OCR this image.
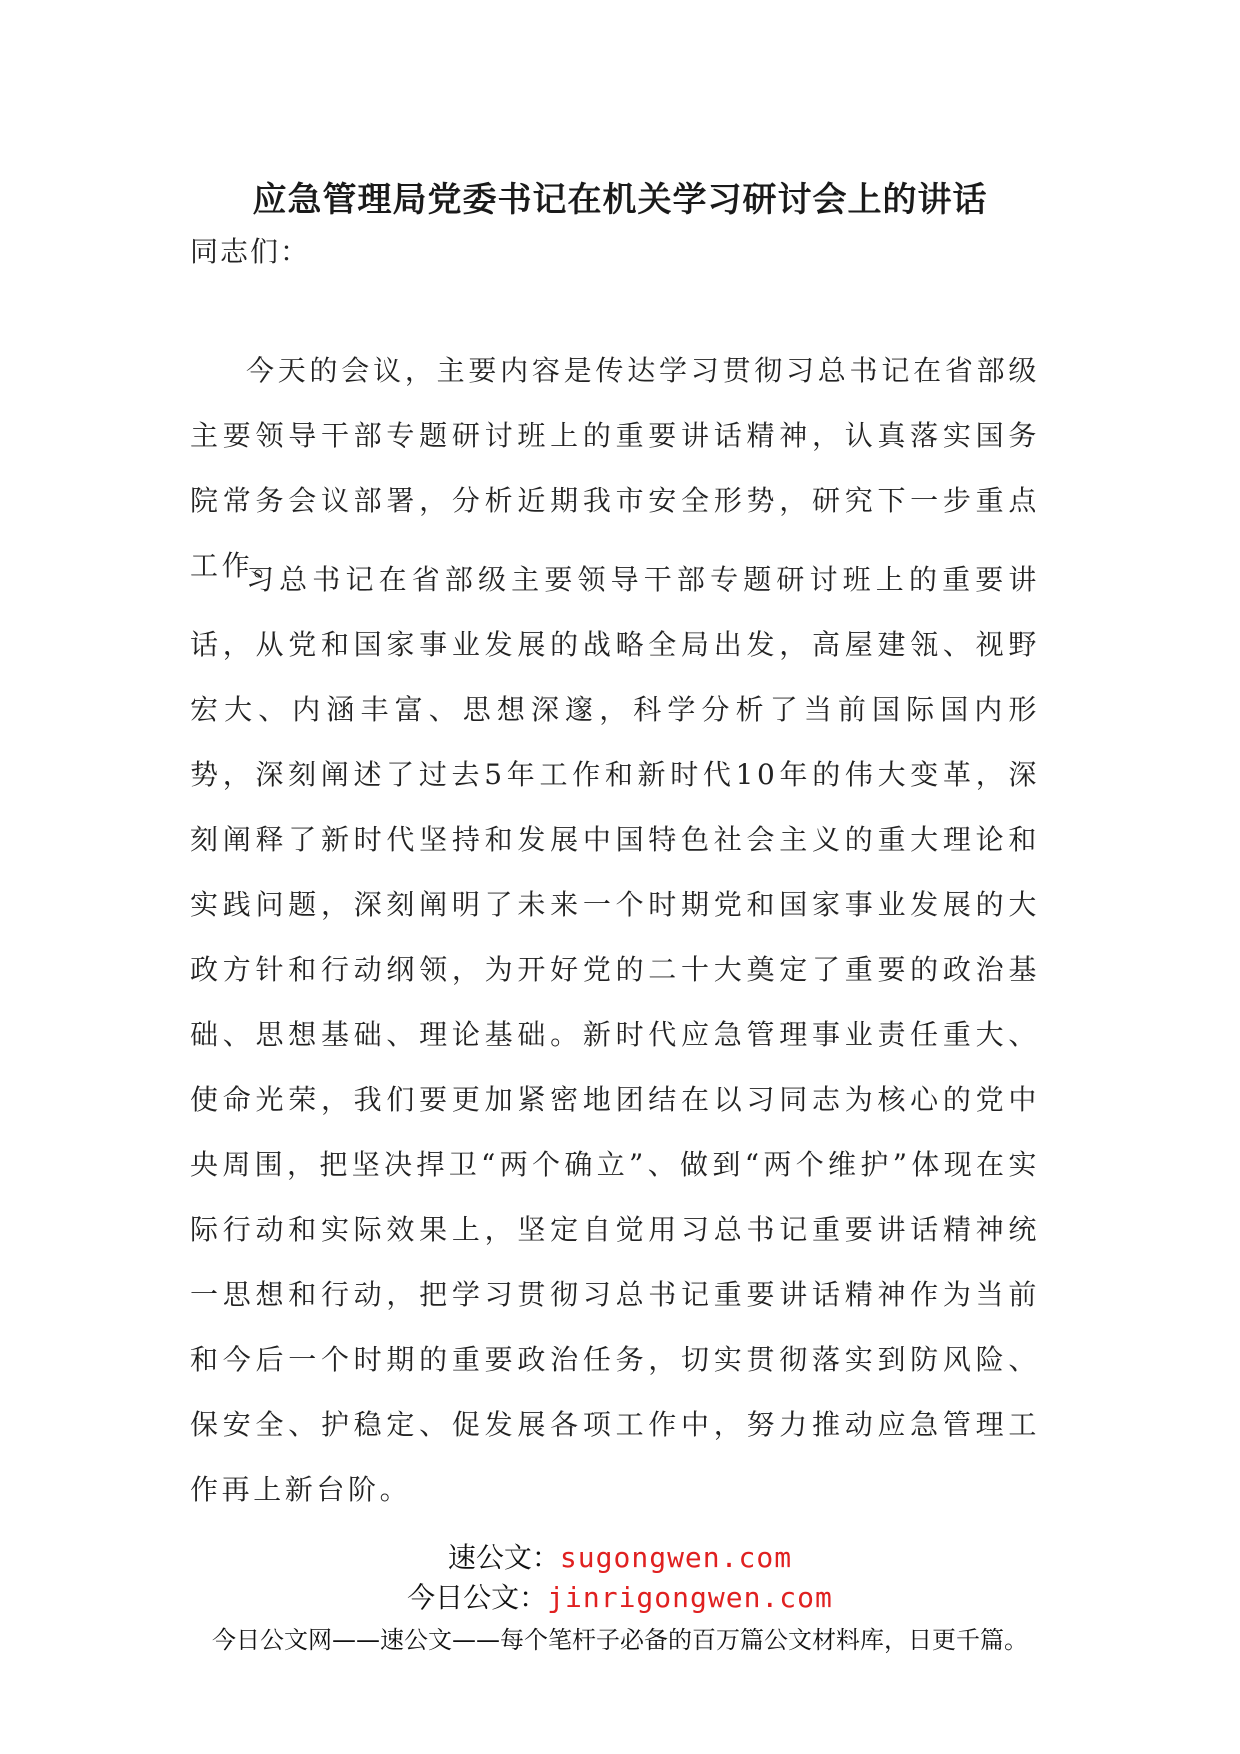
应急管理局党委书记在机关学习研讨会上的讲话
同志们：

今天的会议，主要内容是传达学习贯彻习总书记在省部级主要领导干部专题研讨班上的重要讲话精神，认真落实国务院常务会议部署，分析近期我市安全形势，研究下一步重点工作。

习总书记在省部级主要领导干部专题研讨班上的重要讲话，从党和国家事业发展的战略全局出发，高屋建瓴、视野宏大、内涵丰富、思想深邃，科学分析了当前国际国内形势，深刻阐述了过去5年工作和新时代10年的伟大变革，深刻阐释了新时代坚持和发展中国特色社会主义的重大理论和实践问题，深刻阐明了未来一个时期党和国家事业发展的大政方针和行动纲领，为开好党的二十大奠定了重要的政治基础、思想基础、理论基础。新时代应急管理事业责任重大、使命光荣，我们要更加紧密地团结在以习同志为核心的党中央周围，把坚决捍卫“两个确立”、做到“两个维护”体现在实际行动和实际效果上，坚定自觉用习总书记重要讲话精神统一思想和行动，把学习贯彻习总书记重要讲话精神作为当前和今后一个时期的重要政治任务，切实贯彻落实到防风险、保安全、护稳定、促发展各项工作中，努力推动应急管理工作再上新台阶。

速公文：sugongwen.com
今日公文：jinrigongwen.com
今日公文网——速公文——每个笔杆子必备的百万篇公文材料库，日更千篇。
